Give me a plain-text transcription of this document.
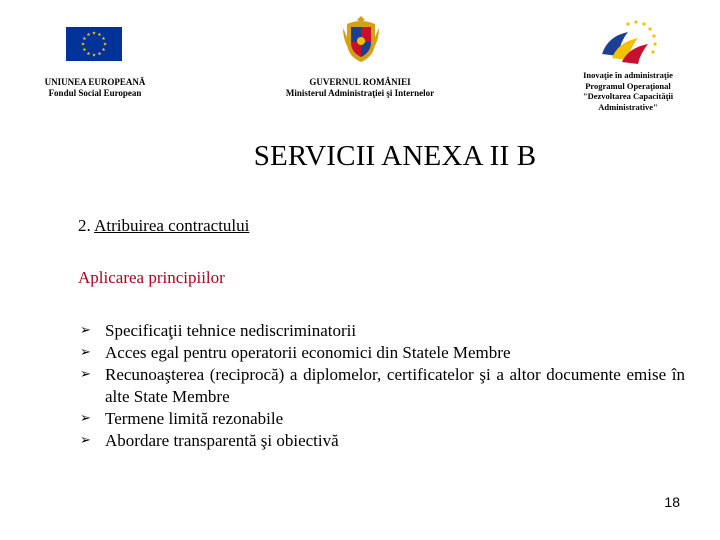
UNIUNEA EUROPEANĂ
Fondul Social European
GUVERNUL ROMÂNIEI
Ministerul Administraţiei şi Internelor
Inovaţie în administraţie
Programul Operaţional
"Dezvoltarea Capacităţii
Administrative"
SERVICII ANEXA II B
2. Atribuirea contractului
Aplicarea principiilor
➢ Specificaţii tehnice nediscriminatorii
➢ Acces egal pentru operatorii economici din Statele Membre
➢ Recunoaşterea (reciprocă) a diplomelor, certificatelor şi a altor documente emise în alte State Membre
➢ Termene limită rezonabile
➢ Abordare transparentă şi obiectivă
18
